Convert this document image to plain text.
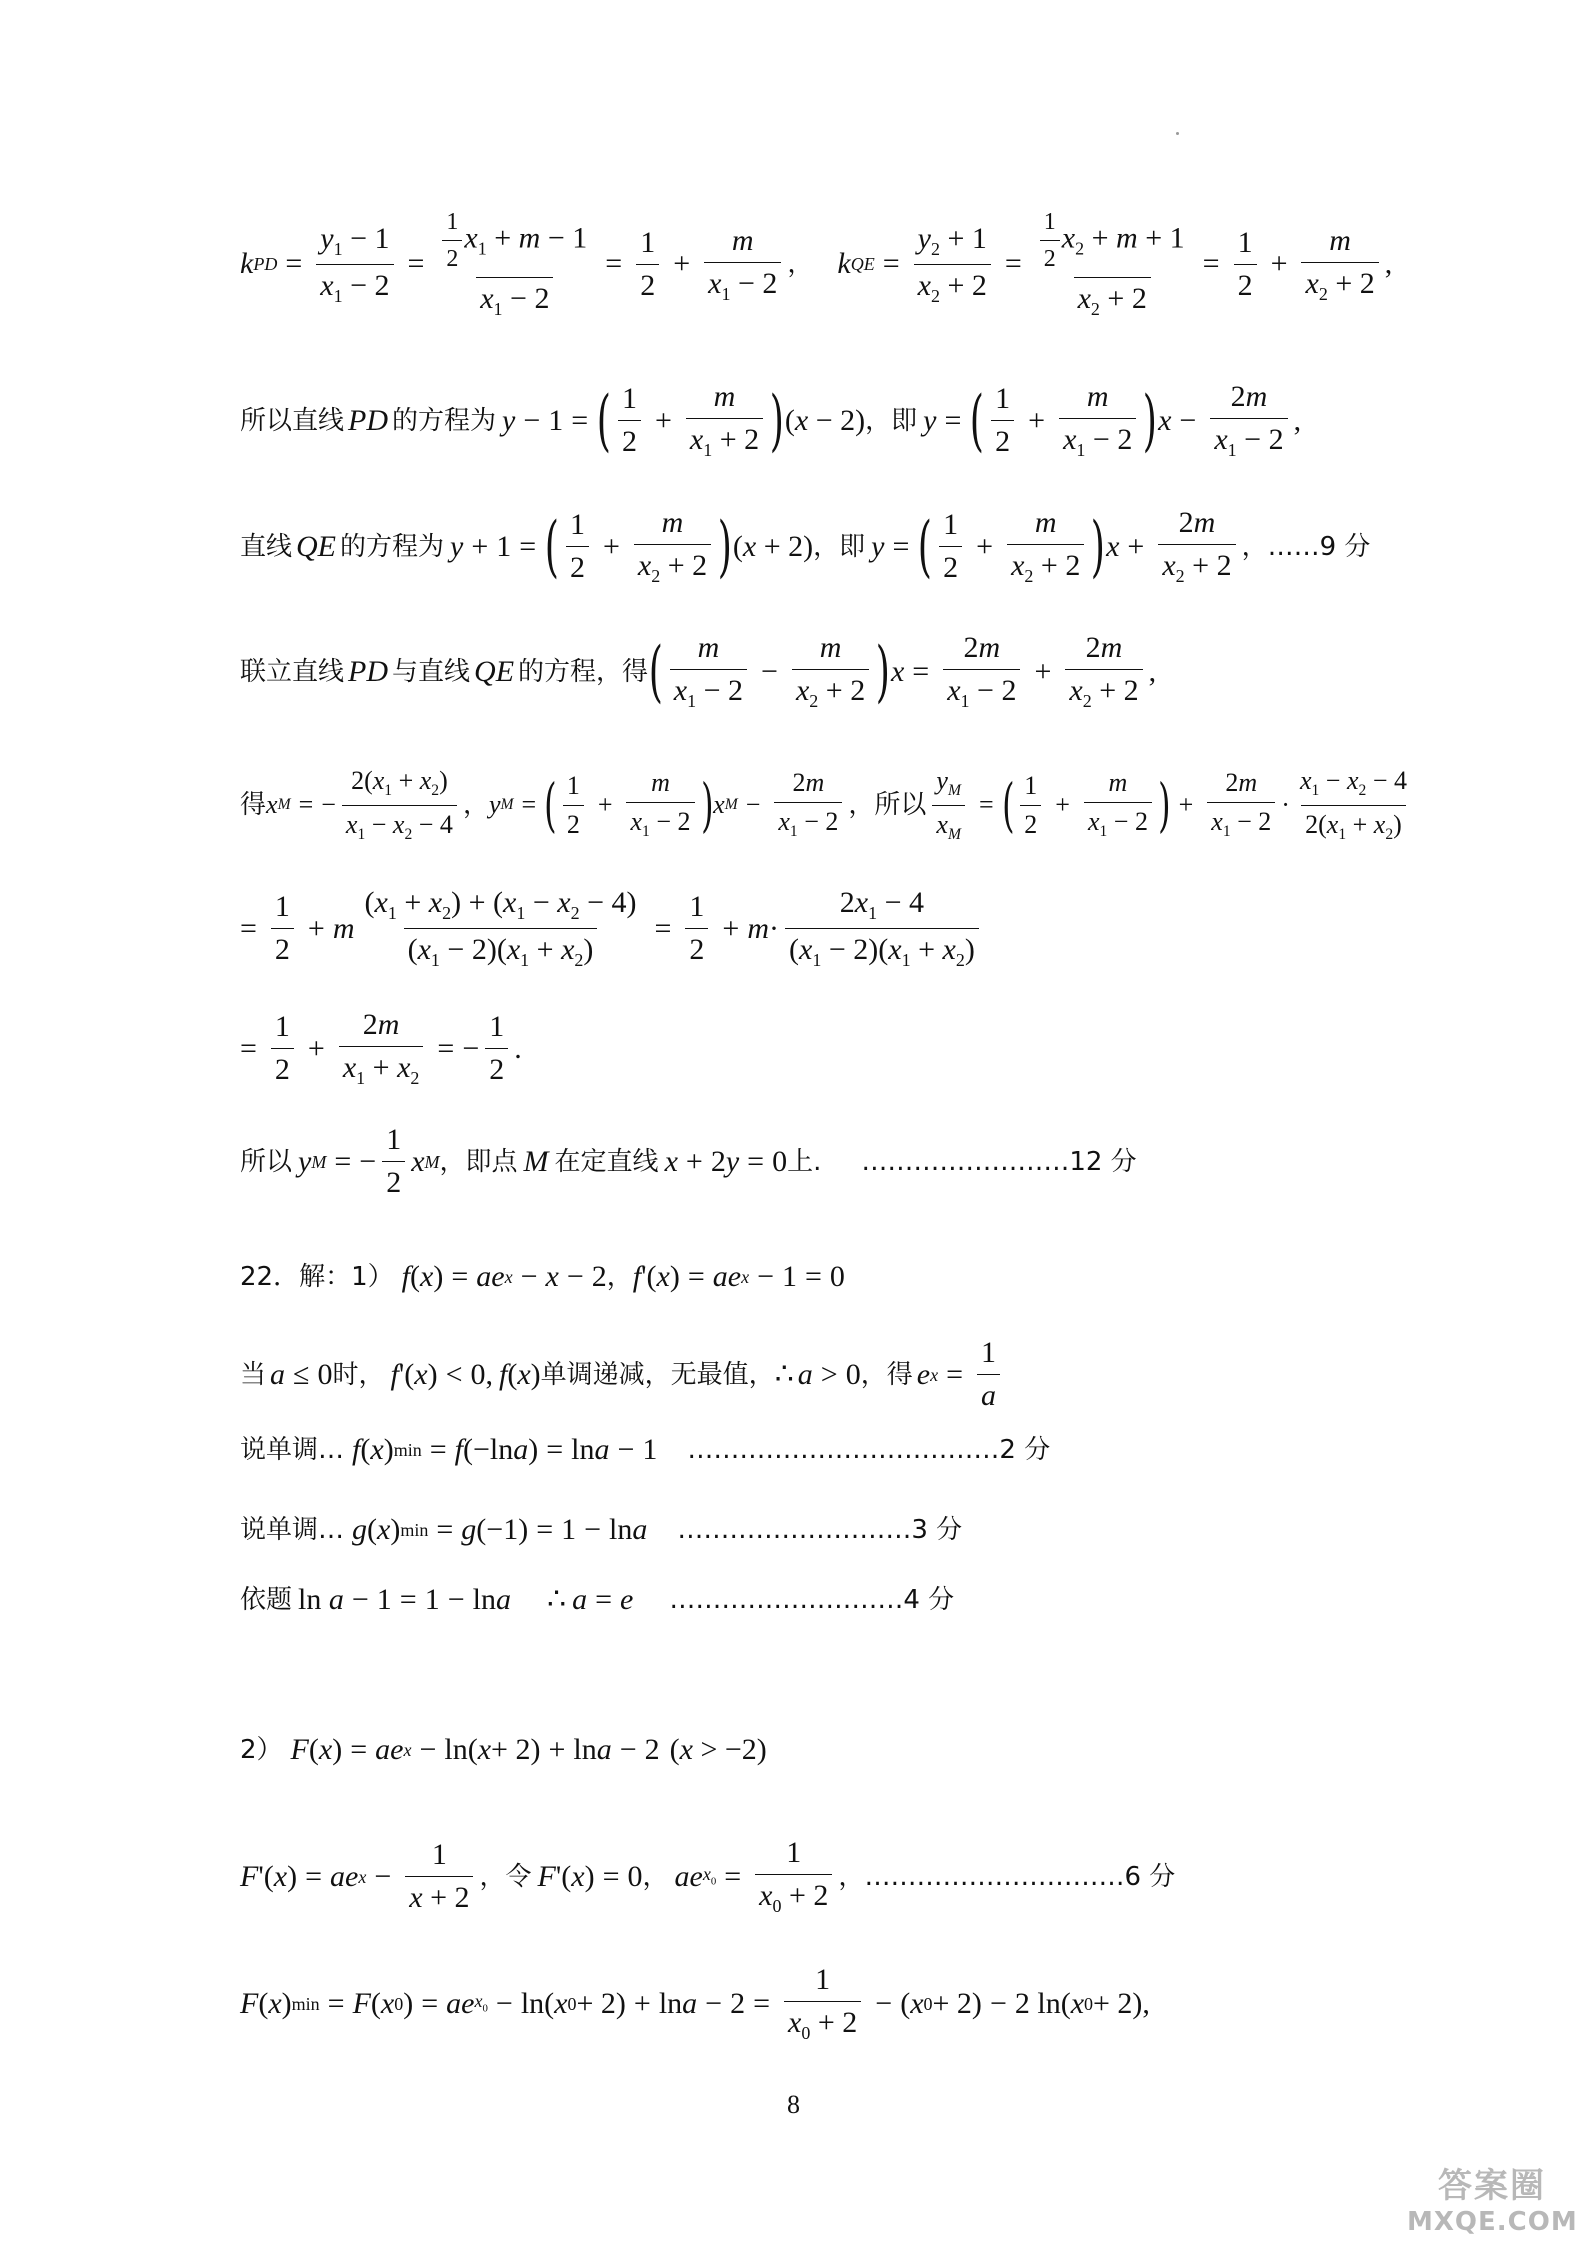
k PD = $\frac{y_1 - 1}{x_1 - 2} = \frac{\frac{1}{2} x_1 + m - 1}{x_1 - 2} = \frac{1}{2} + \frac{m}{x_1 - 2}$ ， k QE = $\frac{y_2 + 1}{x_2 + 2} = \frac{\frac{1}{2} x_2 + m + 1}{x_2 + 2} = \frac{1}{2} + \frac{m}{x_2 + 2}$ ,
所以 直线 PD 的方程为 y − 1 = ( $\frac{1}{2} + \frac{m}{x_1 + 2}$ ) (x − 2) ， 即 y = ( $\frac{1}{2} + \frac{m}{x_1 - 2}$ ) $x - \frac{2m}{x_1 - 2}$ ,
直线 QE 的方程为 y + 1 = ( $\frac{1}{2} + \frac{m}{x_2 + 2}$ ) (x + 2) ， 即 y = ( $\frac{1}{2} + \frac{m}{x_2 + 2}$ ) $x + \frac{2m}{x_2 + 2}$ ， ……9 分
联立直线 PD 与直线 QE 的方程，得 ( $\frac{m}{x_1 - 2} - \frac{m}{x_2 + 2}$ ) $x = \frac{2m}{x_1 - 2} + \frac{2m}{x_2 + 2}$ ,
得 x M = − $\frac{2(x_1 + x_2)}{x_1 - x_2 - 4}$ ， y M = ( $\frac{1}{2} + \frac{m}{x_1 - 2}$ ) x $M - \frac{2m}{x_1 - 2}$ ， 所以 $\frac{y_M}{x_M}$ = ( $\frac{1}{2} + \frac{m}{x_1 - 2}$ ) + $\frac{2m}{x_1 - 2} \cdot \frac{x_1 - x_2 - 4}{2(x_1 + x_2)}$
= $\frac{1}{2} + m \frac{(x_1 + x_2) + (x_1 - x_2 - 4)}{(x_1 - 2)(x_1 + x_2)} = \frac{1}{2} + m \cdot \frac{2x_1 - 4}{(x_1 - 2)(x_1 + x_2)}$
= $\frac{1}{2} + \frac{2m}{x_1 + x_2}$ = − $\frac{1}{2}$ .
所以 y M = − $\frac{1}{2}$ x M ， 即点 M 在定直线 x + 2 y = 0 上. ……………………12 分
22．解：1） f ( x ) = ae x − x − 2 ， f '( x ) = ae x − 1 = 0
当 a ≤ 0 时， f '( x ) < 0, f ( x ) 单调递减，无最值， ∴ a > 0 ， 得 e $x = \frac{1}{a}$
说单调… f ( x ) min = f (−ln a ) = ln a − 1 ………………………………2 分
说单调… g ( x ) min = g (−1) = 1 − ln a ………………………3 分
依题 ln a − 1 = 1 − ln a ∴ a = e ………………………4 分
2） F ( x ) = ae x − ln( x + 2) + ln a − 2 (x > −2)
F '( x ) = ae $x - \frac{1}{x + 2}$ ， 令 F '( x ) = 0 ， ae $x_0 = \frac{1}{x_0 + 2}$ ， …………………………6 分
F ( x ) min = F ( x 0 ) = ae $x_0 - \ln$( x $0 + 2) + \ln a - 2 = \frac{1}{x_0 + 2}$ − ( x 0 + 2) − 2 ln( x 0 + 2),
8
答案圈
MXQE.COM
